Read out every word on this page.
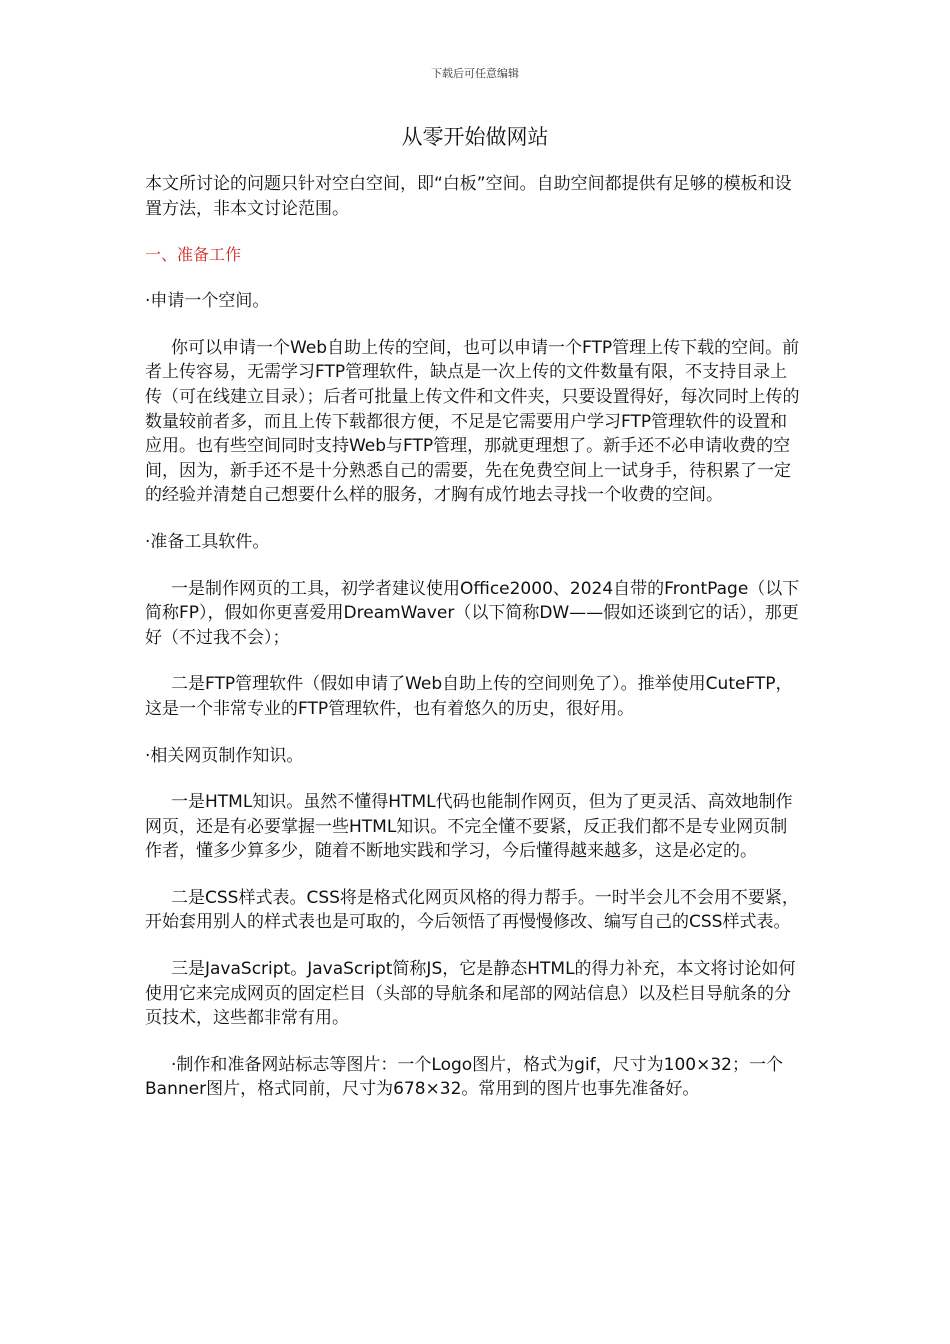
下载后可任意编辑
从零开始做网站

本文所讨论的问题只针对空白空间，即“白板”空间。自助空间都提供有足够的模板和设置方法，非本文讨论范围。

一、准备工作

·申请一个空间。

你可以申请一个Web自助上传的空间，也可以申请一个FTP管理上传下载的空间。前者上传容易，无需学习FTP管理软件，缺点是一次上传的文件数量有限，不支持目录上传（可在线建立目录）；后者可批量上传文件和文件夹，只要设置得好，每次同时上传的数量较前者多，而且上传下载都很方便，不足是它需要用户学习FTP管理软件的设置和应用。也有些空间同时支持Web与FTP管理，那就更理想了。新手还不必申请收费的空间，因为，新手还不是十分熟悉自己的需要，先在免费空间上一试身手，待积累了一定的经验并清楚自己想要什么样的服务，才胸有成竹地去寻找一个收费的空间。

·准备工具软件。

一是制作网页的工具，初学者建议使用Office2000、2024自带的FrontPage（以下简称FP），假如你更喜爱用DreamWaver（以下简称DW——假如还谈到它的话），那更好（不过我不会）；

二是FTP管理软件（假如申请了Web自助上传的空间则免了）。推举使用CuteFTP，这是一个非常专业的FTP管理软件，也有着悠久的历史，很好用。

·相关网页制作知识。

一是HTML知识。虽然不懂得HTML代码也能制作网页，但为了更灵活、高效地制作网页，还是有必要掌握一些HTML知识。不完全懂不要紧，反正我们都不是专业网页制作者，懂多少算多少，随着不断地实践和学习，今后懂得越来越多，这是必定的。

二是CSS样式表。CSS将是格式化网页风格的得力帮手。一时半会儿不会用不要紧，开始套用别人的样式表也是可取的，今后领悟了再慢慢修改、编写自己的CSS样式表。

三是JavaScript。JavaScript简称JS，它是静态HTML的得力补充，本文将讨论如何使用它来完成网页的固定栏目（头部的导航条和尾部的网站信息）以及栏目导航条的分页技术，这些都非常有用。

·制作和准备网站标志等图片：一个Logo图片，格式为gif，尺寸为100×32；一个Banner图片，格式同前，尺寸为678×32。常用到的图片也事先准备好。
